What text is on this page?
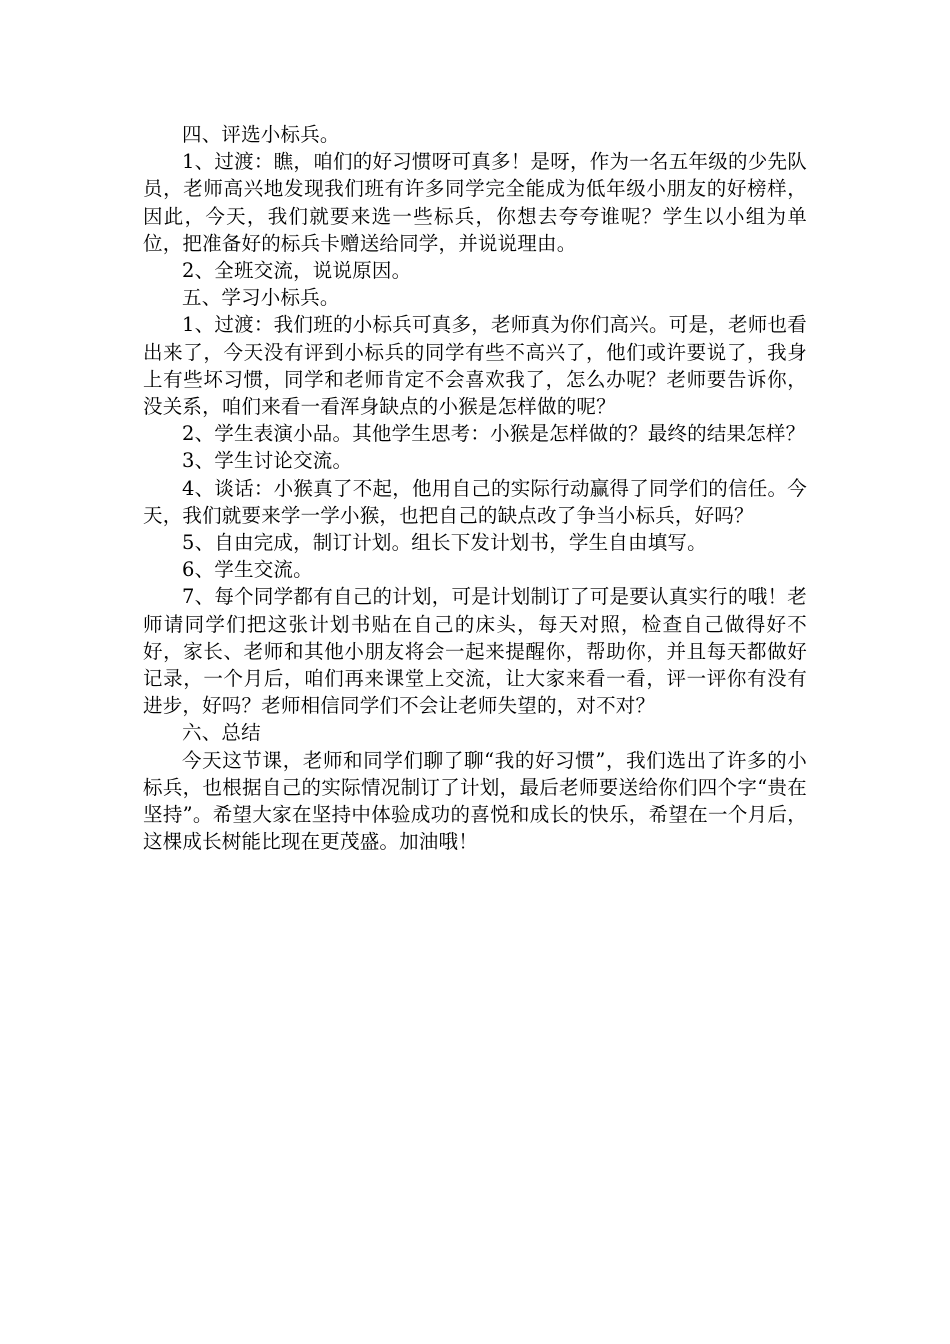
四、评选小标兵。

1、过渡：瞧，咱们的好习惯呀可真多！是呀，作为一名五年级的少先队员，老师高兴地发现我们班有许多同学完全能成为低年级小朋友的好榜样，因此，今天，我们就要来选一些标兵，你想去夸夸谁呢？学生以小组为单位，把准备好的标兵卡赠送给同学，并说说理由。

2、全班交流，说说原因。

五、学习小标兵。

1、过渡：我们班的小标兵可真多，老师真为你们高兴。可是，老师也看出来了，今天没有评到小标兵的同学有些不高兴了，他们或许要说了，我身上有些坏习惯，同学和老师肯定不会喜欢我了，怎么办呢？老师要告诉你，没关系，咱们来看一看浑身缺点的小猴是怎样做的呢？

2、学生表演小品。其他学生思考：小猴是怎样做的？最终的结果怎样？

3、学生讨论交流。

4、谈话：小猴真了不起，他用自己的实际行动赢得了同学们的信任。今天，我们就要来学一学小猴，也把自己的缺点改了争当小标兵，好吗？

5、自由完成，制订计划。组长下发计划书，学生自由填写。

6、学生交流。

7、每个同学都有自己的计划，可是计划制订了可是要认真实行的哦！老师请同学们把这张计划书贴在自己的床头，每天对照，检查自己做得好不好，家长、老师和其他小朋友将会一起来提醒你，帮助你，并且每天都做好记录，一个月后，咱们再来课堂上交流，让大家来看一看，评一评你有没有进步，好吗？老师相信同学们不会让老师失望的，对不对？

六、总结

今天这节课，老师和同学们聊了聊“我的好习惯”，我们选出了许多的小标兵，也根据自己的实际情况制订了计划，最后老师要送给你们四个字“贵在坚持”。希望大家在坚持中体验成功的喜悦和成长的快乐，希望在一个月后，这棵成长树能比现在更茂盛。加油哦！
